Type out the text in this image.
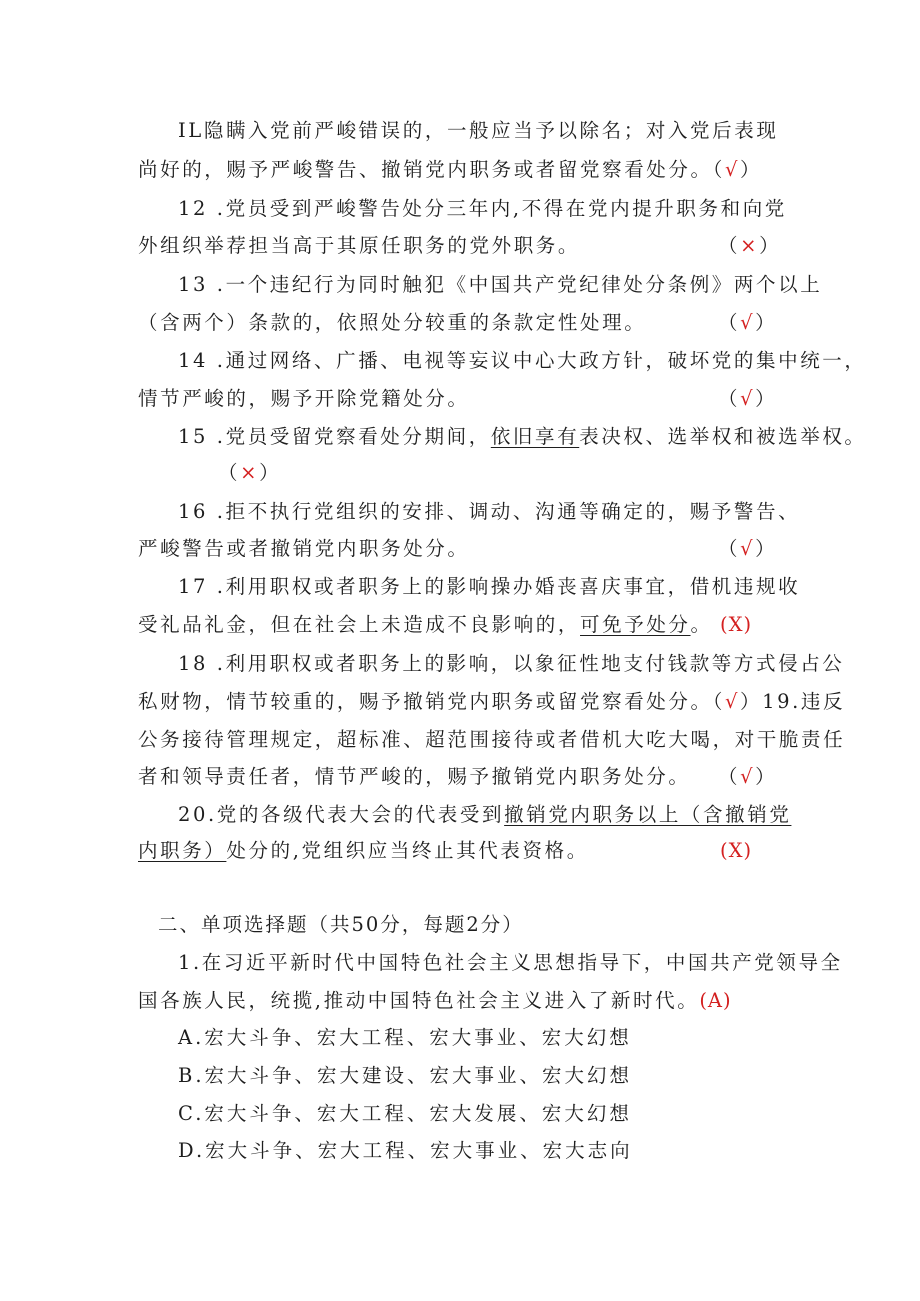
IL隐瞒入党前严峻错误的，一般应当予以除名；对入党后表现
尚好的，赐予严峻警告、撤销党内职务或者留党察看处分。（√）
12 .党员受到严峻警告处分三年内,不得在党内提升职务和向党
外组织举荐担当高于其原任职务的党外职务。	（×）
13 .一个违纪行为同时触犯《中国共产党纪律处分条例》两个以上
（含两个）条款的，依照处分较重的条款定性处理。	（√）
14 .通过网络、广播、电视等妄议中心大政方针，破坏党的集中统一，
情节严峻的，赐予开除党籍处分。	（√）
15 .党员受留党察看处分期间，依旧享有表决权、选举权和被选举权。
（×）
16 .拒不执行党组织的安排、调动、沟通等确定的，赐予警告、
严峻警告或者撤销党内职务处分。	（√）
17 .利用职权或者职务上的影响操办婚丧喜庆事宜，借机违规收
受礼品礼金，但在社会上未造成不良影响的，可免予处分。 (X)
18 .利用职权或者职务上的影响，以象征性地支付钱款等方式侵占公
私财物，情节较重的，赐予撤销党内职务或留党察看处分。（√）19.违反
公务接待管理规定，超标准、超范围接待或者借机大吃大喝，对干脆责任
者和领导责任者，情节严峻的，赐予撤销党内职务处分。 （√）
20.党的各级代表大会的代表受到撤销党内职务以上（含撤销党
内职务）处分的,党组织应当终止其代表资格。	(X)
二、单项选择题（共50分，每题2分）
1.在习近平新时代中国特色社会主义思想指导下，中国共产党领导全
国各族人民，统揽,推动中国特色社会主义进入了新时代。(A)
A.宏大斗争、宏大工程、宏大事业、宏大幻想
B.宏大斗争、宏大建设、宏大事业、宏大幻想
C.宏大斗争、宏大工程、宏大发展、宏大幻想
D.宏大斗争、宏大工程、宏大事业、宏大志向
